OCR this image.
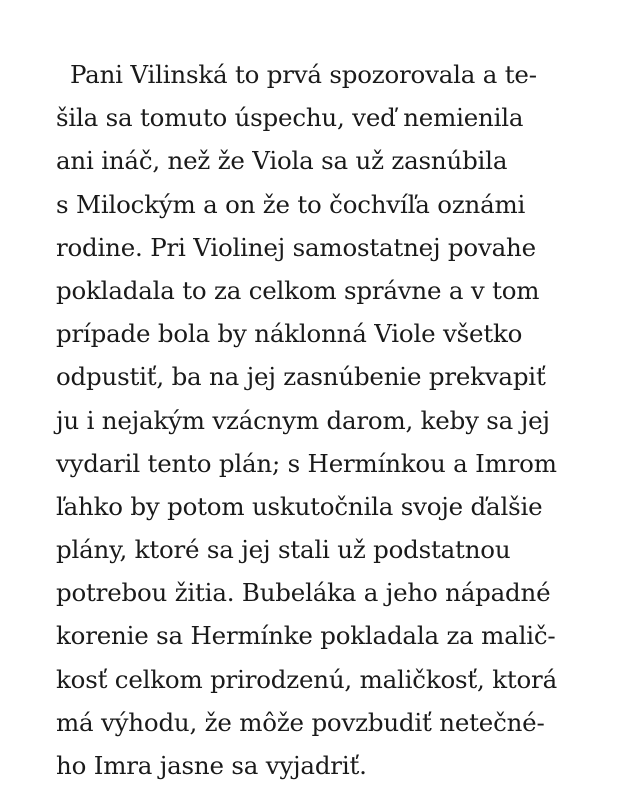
Pani Vilinská to prvá spozorovala a te-
šila sa tomuto úspechu, veď nemienila
ani ináč, než že Viola sa už zasnúbila
s Milockým a on že to čochvíľa oznámi
rodine. Pri Violinej samostatnej povahe
pokladala to za celkom správne a v tom
prípade bola by náklonná Viole všetko
odpustiť, ba na jej zasnúbenie prekvapiť
ju i nejakým vzácnym darom, keby sa jej
vydaril tento plán; s Hermínkou a Imrom
ľahko by potom uskutočnila svoje ďalšie
plány, ktoré sa jej stali už podstatnou
potrebou žitia. Bubeláka a jeho nápadné
korenie sa Hermínke pokladala za malič-
kosť celkom prirodzenú, maličkosť, ktorá
má výhodu, že môže povzbudiť netečné-
ho Imra jasne sa vyjadriť.
